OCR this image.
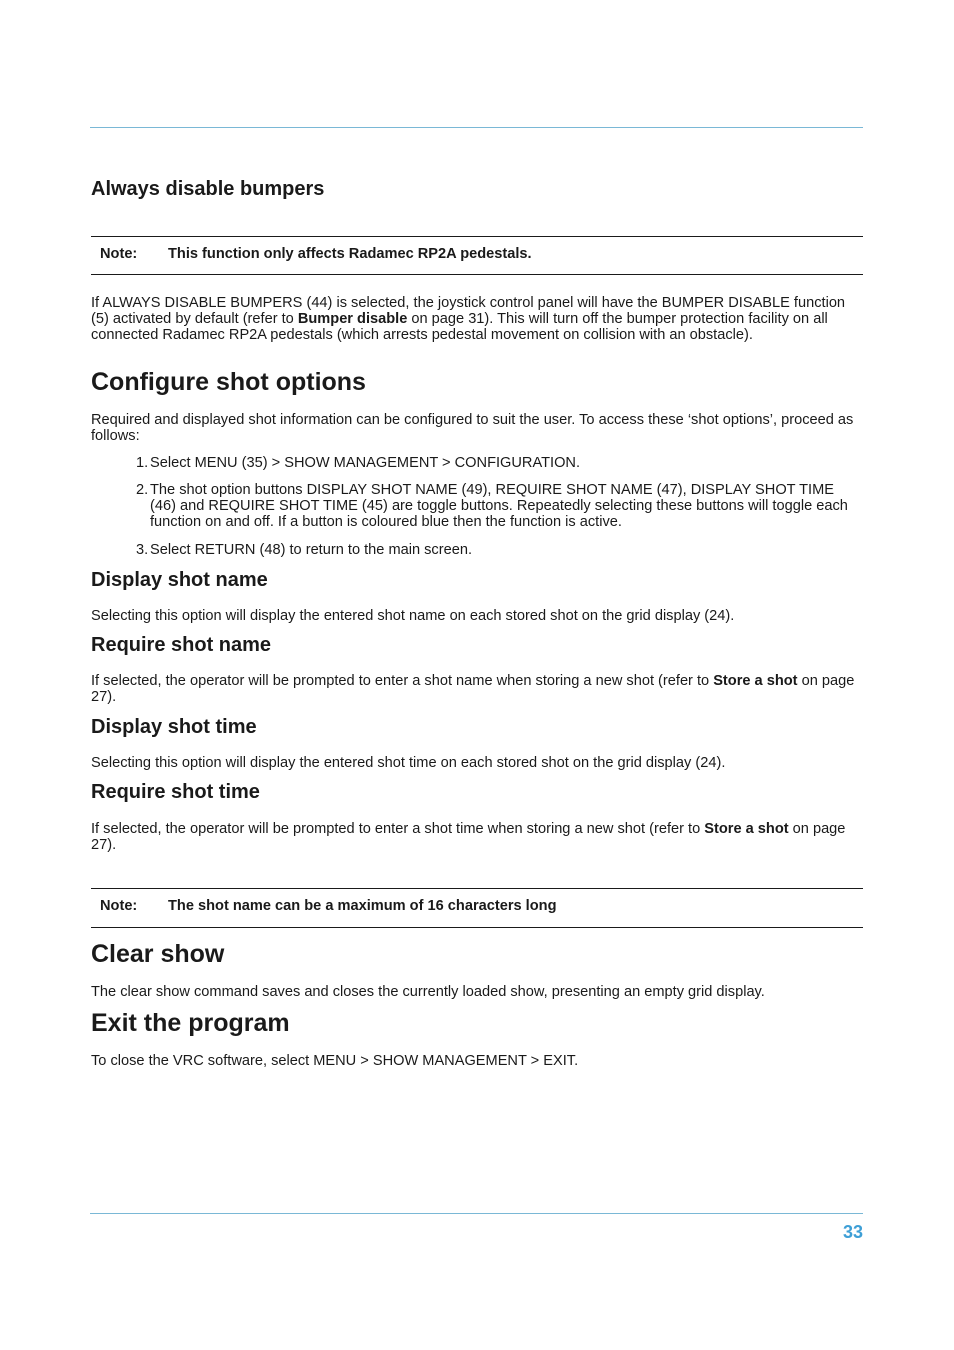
Always disable bumpers
Note: This function only affects Radamec RP2A pedestals.

If ALWAYS DISABLE BUMPERS (44) is selected, the joystick control panel will have the BUMPER DISABLE function (5) activated by default (refer to Bumper disable on page 31). This will turn off the bumper protection facility on all connected Radamec RP2A pedestals (which arrests pedestal movement on collision with an obstacle).

Configure shot options

Required and displayed shot information can be configured to suit the user. To access these ‘shot options’, proceed as follows:

1. Select MENU (35) > SHOW MANAGEMENT > CONFIGURATION.
2. The shot option buttons DISPLAY SHOT NAME (49), REQUIRE SHOT NAME (47), DISPLAY SHOT TIME (46) and REQUIRE SHOT TIME (45) are toggle buttons. Repeatedly selecting these buttons will toggle each function on and off. If a button is coloured blue then the function is active.
3. Select RETURN (48) to return to the main screen.
Display shot name

Selecting this option will display the entered shot name on each stored shot on the grid display (24).

Require shot name

If selected, the operator will be prompted to enter a shot name when storing a new shot (refer to Store a shot on page 27).

Display shot time

Selecting this option will display the entered shot time on each stored shot on the grid display (24).

Require shot time

If selected, the operator will be prompted to enter a shot time when storing a new shot (refer to Store a shot on page 27).

Note: The shot name can be a maximum of 16 characters long
Clear show

The clear show command saves and closes the currently loaded show, presenting an empty grid display.

Exit the program

To close the VRC software, select MENU > SHOW MANAGEMENT > EXIT.

33
